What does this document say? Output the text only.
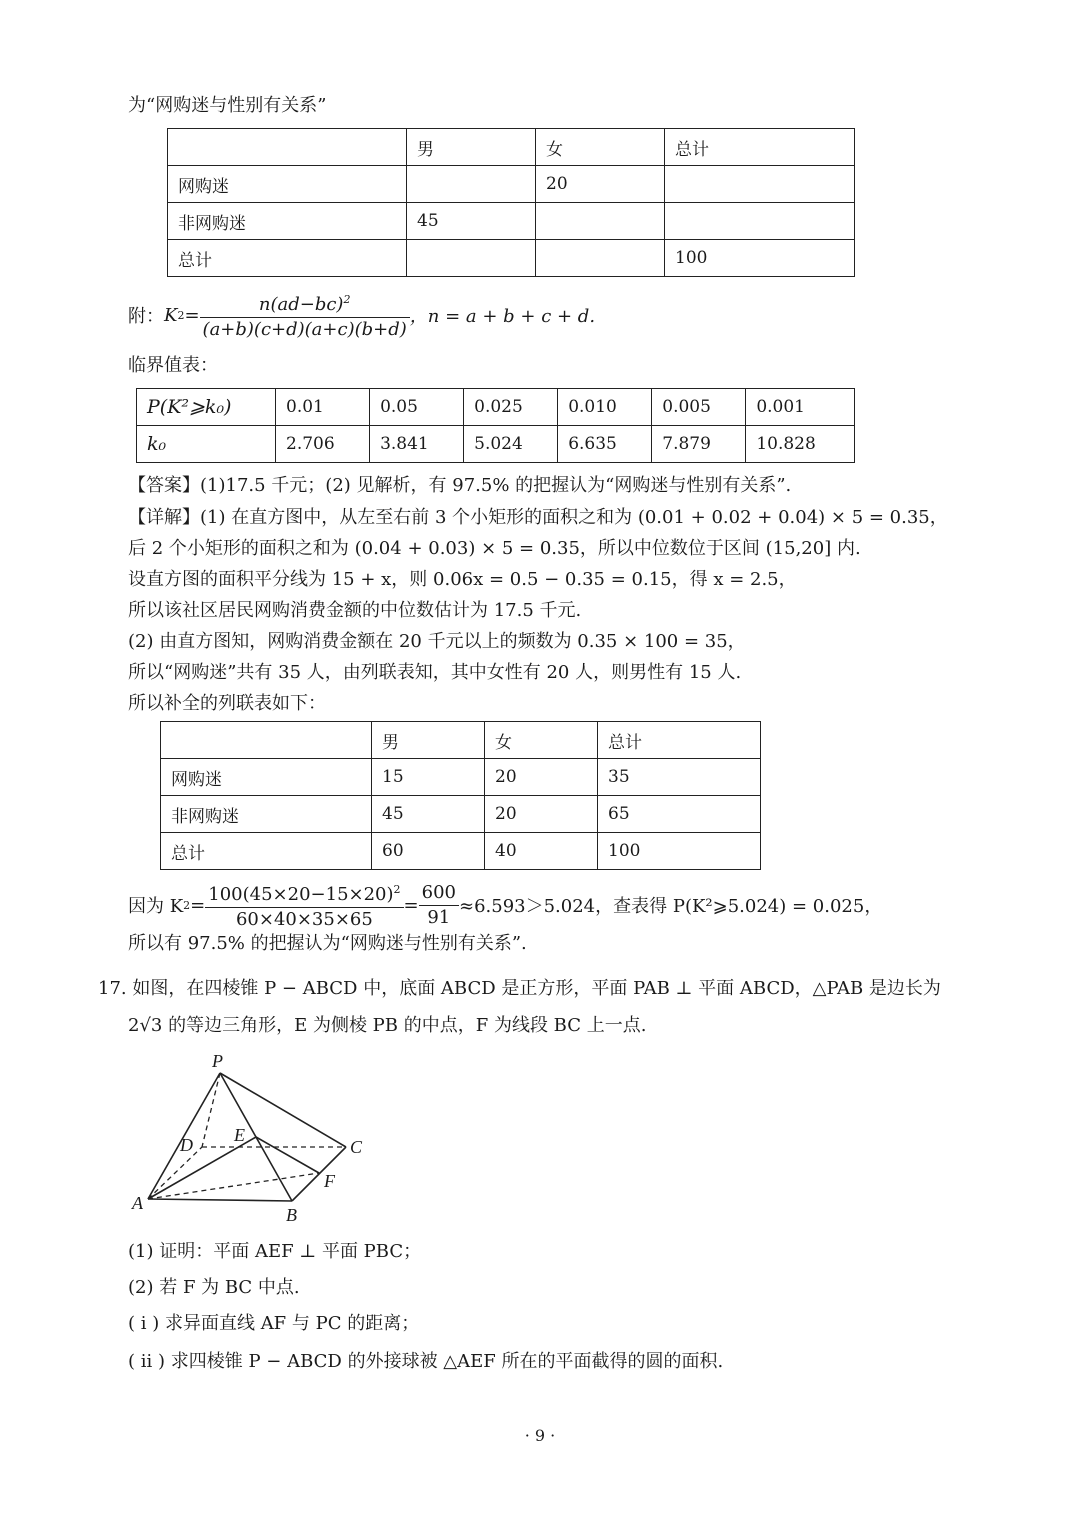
为“网购迷与性别有关系”
	男	女	总计
网购迷		20	
非网购迷	45		
总计			100
附： K $2 = \frac{n(ad-bc)^2}{(a+b)(c+d)(a+c)(b+d)}$ ，n = a + b + c + d.
临界值表：
P(K²⩾k₀)	0.01	0.05	0.025	0.010	0.005	0.001
k₀	2.706	3.841	5.024	6.635	7.879	10.828
【答案】(1)17.5 千元；(2) 见解析，有 97.5% 的把握认为“网购迷与性别有关系”.
【详解】(1) 在直方图中，从左至右前 3 个小矩形的面积之和为 (0.01 + 0.02 + 0.04) × 5 = 0.35，
后 2 个小矩形的面积之和为 (0.04 + 0.03) × 5 = 0.35，所以中位数位于区间 (15,20] 内.
设直方图的面积平分线为 15 + x，则 0.06x = 0.5 − 0.35 = 0.15，得 x = 2.5，
所以该社区居民网购消费金额的中位数估计为 17.5 千元.
(2) 由直方图知，网购消费金额在 20 千元以上的频数为 0.35 × 100 = 35，
所以“网购迷”共有 35 人，由列联表知，其中女性有 20 人，则男性有 15 人.
所以补全的列联表如下：
	男	女	总计
网购迷	15	20	35
非网购迷	45	20	65
总计	60	40	100
因为 K $2 = \frac{100(45\times 20-15\times 20)^2}{60\times 40\times 35\times 65} = \frac{600}{91} \approx 6.593>5.024$，查表得 P(K²⩾5.024) = 0.025，
所以有 97.5% 的把握认为“网购迷与性别有关系”.
17. 如图，在四棱锥 P − ABCD 中，底面 ABCD 是正方形，平面 PAB ⊥ 平面 ABCD，△PAB 是边长为
2√3 的等边三角形，E 为侧棱 PB 的中点，F 为线段 BC 上一点.
P
D E
C
F
A
B
(1) 证明：平面 AEF ⊥ 平面 PBC；
(2) 若 F 为 BC 中点.
( i ) 求异面直线 AF 与 PC 的距离；
( ii ) 求四棱锥 P − ABCD 的外接球被 △AEF 所在的平面截得的圆的面积.
· 9 ·
